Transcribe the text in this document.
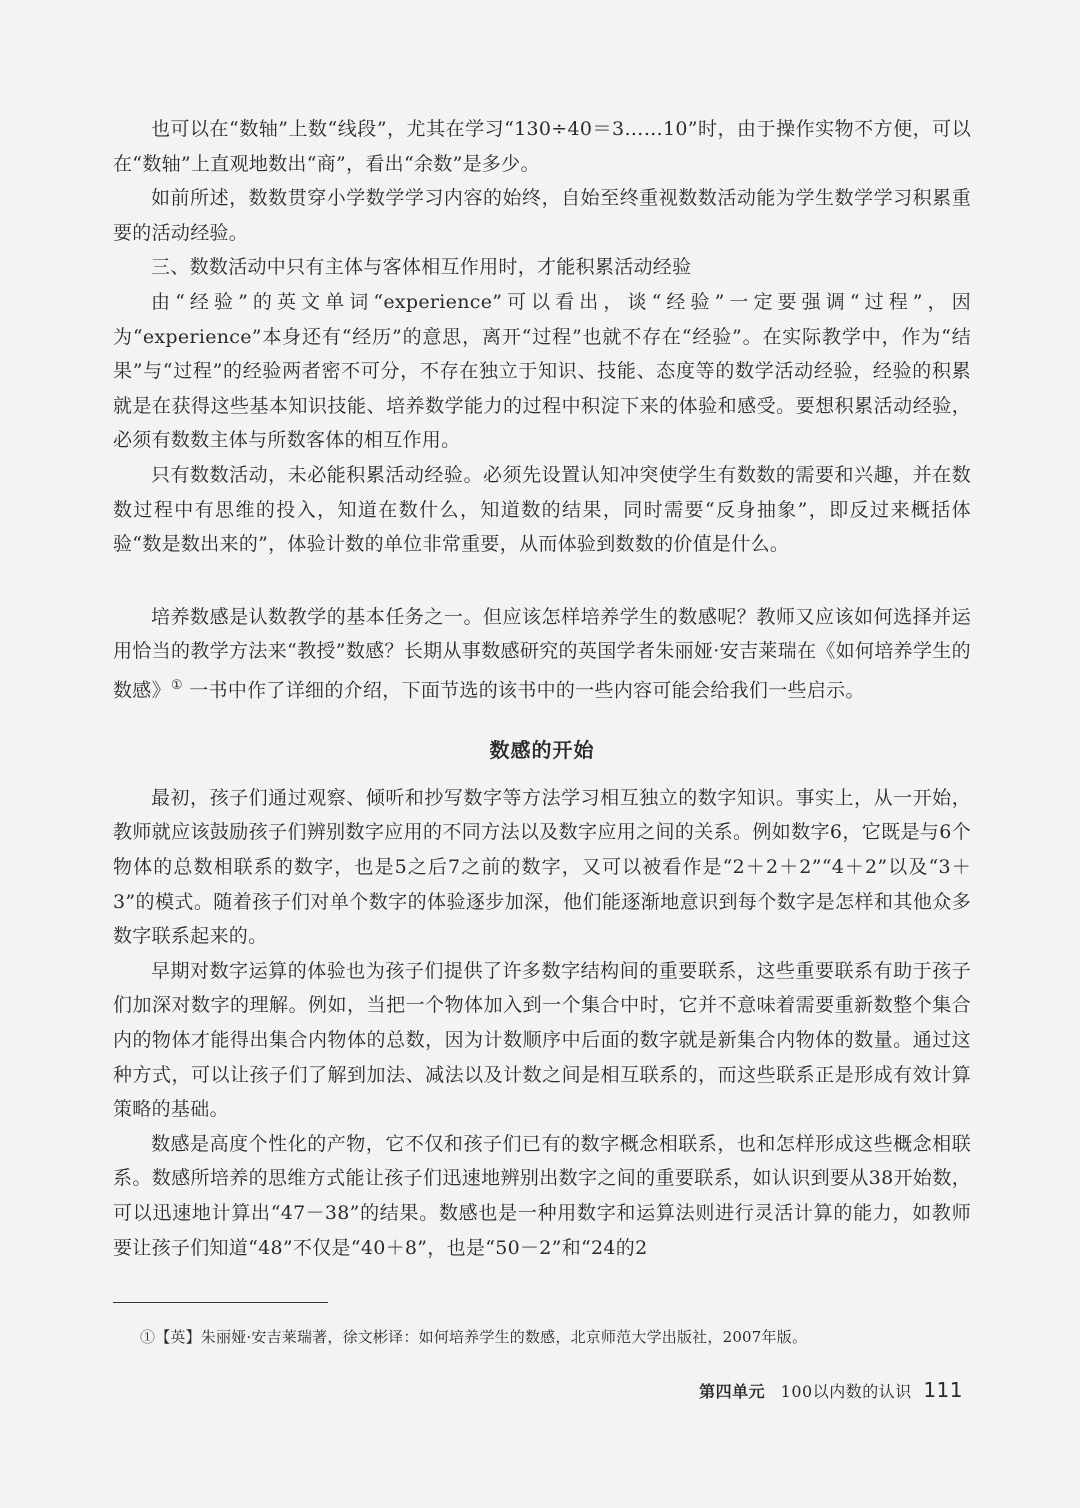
也可以在“数轴”上数“线段”，尤其在学习“130÷40＝3……10”时，由于操作实物不方便，可以在“数轴”上直观地数出“商”，看出“余数”是多少。

如前所述，数数贯穿小学数学学习内容的始终，自始至终重视数数活动能为学生数学学习积累重要的活动经验。

三、数数活动中只有主体与客体相互作用时，才能积累活动经验

由“经验”的英文单词“experience”可以看出，谈“经验”一定要强调“过程”，因为“experience”本身还有“经历”的意思，离开“过程”也就不存在“经验”。在实际教学中，作为“结果”与“过程”的经验两者密不可分，不存在独立于知识、技能、态度等的数学活动经验，经验的积累就是在获得这些基本知识技能、培养数学能力的过程中积淀下来的体验和感受。要想积累活动经验，必须有数数主体与所数客体的相互作用。

只有数数活动，未必能积累活动经验。必须先设置认知冲突使学生有数数的需要和兴趣，并在数数过程中有思维的投入，知道在数什么，知道数的结果，同时需要“反身抽象”，即反过来概括体验“数是数出来的”，体验计数的单位非常重要，从而体验到数数的价值是什么。

培养数感是认数教学的基本任务之一。但应该怎样培养学生的数感呢？教师又应该如何选择并运用恰当的教学方法来“教授”数感？长期从事数感研究的英国学者朱丽娅·安吉莱瑞在《如何培养学生的数感》① 一书中作了详细的介绍，下面节选的该书中的一些内容可能会给我们一些启示。

数感的开始

最初，孩子们通过观察、倾听和抄写数字等方法学习相互独立的数字知识。事实上，从一开始，教师就应该鼓励孩子们辨别数字应用的不同方法以及数字应用之间的关系。例如数字6，它既是与6个物体的总数相联系的数字，也是5之后7之前的数字，又可以被看作是“2＋2＋2”“4＋2”以及“3＋3”的模式。随着孩子们对单个数字的体验逐步加深，他们能逐渐地意识到每个数字是怎样和其他众多数字联系起来的。

早期对数字运算的体验也为孩子们提供了许多数字结构间的重要联系，这些重要联系有助于孩子们加深对数字的理解。例如，当把一个物体加入到一个集合中时，它并不意味着需要重新数整个集合内的物体才能得出集合内物体的总数，因为计数顺序中后面的数字就是新集合内物体的数量。通过这种方式，可以让孩子们了解到加法、减法以及计数之间是相互联系的，而这些联系正是形成有效计算策略的基础。

数感是高度个性化的产物，它不仅和孩子们已有的数字概念相联系，也和怎样形成这些概念相联系。数感所培养的思维方式能让孩子们迅速地辨别出数字之间的重要联系，如认识到要从38开始数，可以迅速地计算出“47－38”的结果。数感也是一种用数字和运算法则进行灵活计算的能力，如教师要让孩子们知道“48”不仅是“40＋8”，也是“50－2”和“24的2

①【英】朱丽娅·安吉莱瑞著，徐文彬译：如何培养学生的数感，北京师范大学出版社，2007年版。
第四单元 100以内数的认识 111
